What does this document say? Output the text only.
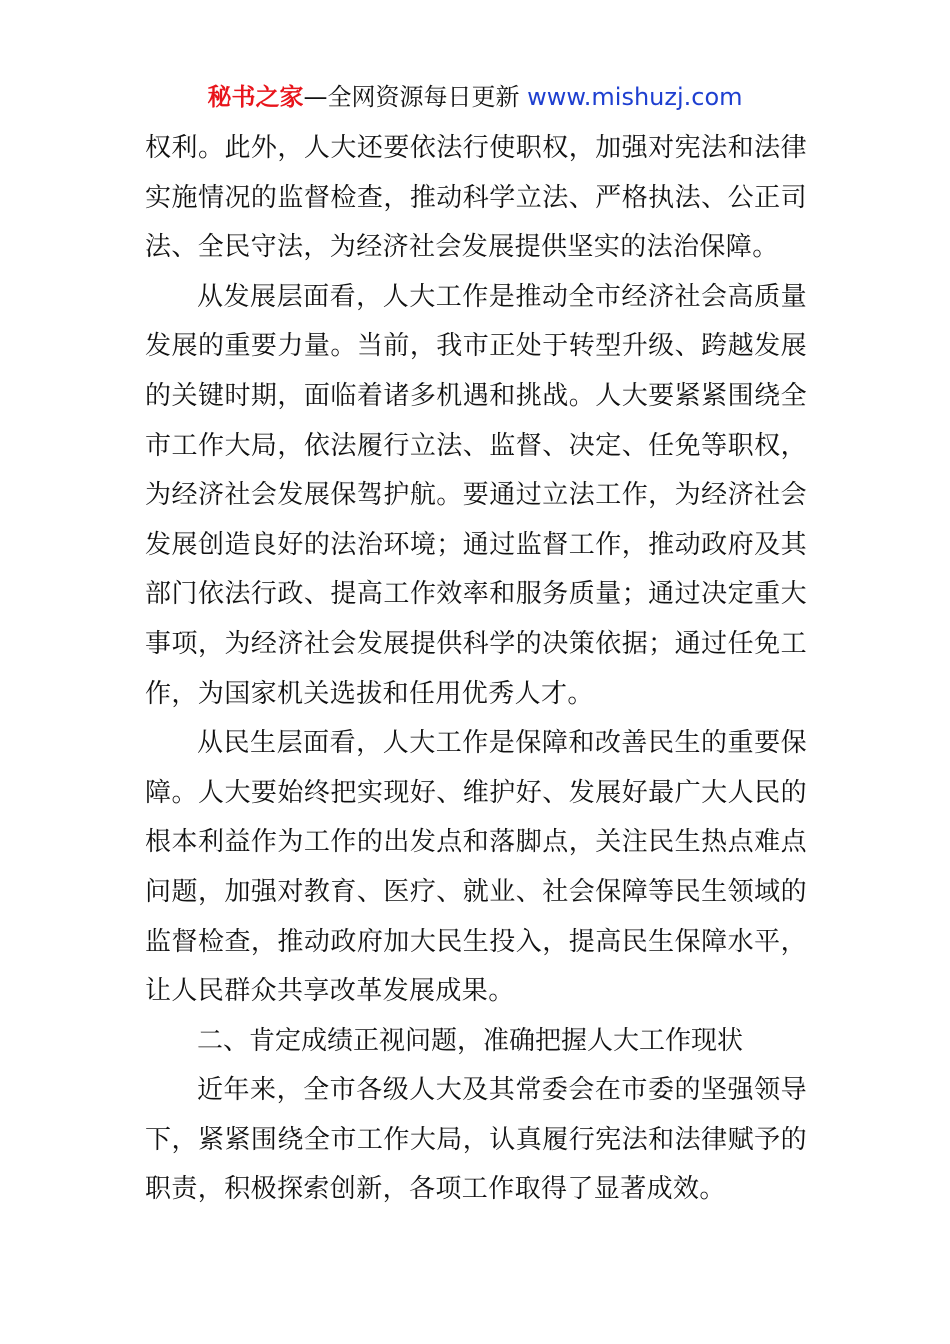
秘书之家—全网资源每日更新 www.mishuzj.com

权利。此外，人大还要依法行使职权，加强对宪法和法律实施情况的监督检查，推动科学立法、严格执法、公正司法、全民守法，为经济社会发展提供坚实的法治保障。

从发展层面看，人大工作是推动全市经济社会高质量发展的重要力量。当前，我市正处于转型升级、跨越发展的关键时期，面临着诸多机遇和挑战。人大要紧紧围绕全市工作大局，依法履行立法、监督、决定、任免等职权，为经济社会发展保驾护航。要通过立法工作，为经济社会发展创造良好的法治环境；通过监督工作，推动政府及其部门依法行政、提高工作效率和服务质量；通过决定重大事项，为经济社会发展提供科学的决策依据；通过任免工作，为国家机关选拔和任用优秀人才。

从民生层面看，人大工作是保障和改善民生的重要保障。人大要始终把实现好、维护好、发展好最广大人民的根本利益作为工作的出发点和落脚点，关注民生热点难点问题，加强对教育、医疗、就业、社会保障等民生领域的监督检查，推动政府加大民生投入，提高民生保障水平，让人民群众共享改革发展成果。

二、肯定成绩正视问题，准确把握人大工作现状

近年来，全市各级人大及其常委会在市委的坚强领导下，紧紧围绕全市工作大局，认真履行宪法和法律赋予的职责，积极探索创新，各项工作取得了显著成效。
